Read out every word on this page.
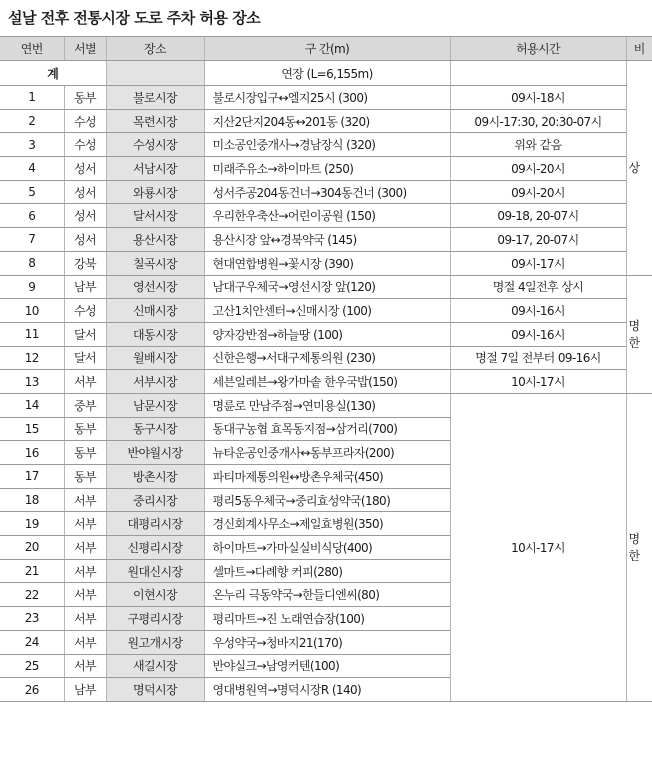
설날 전후 전통시장 도로 주차 허용 장소
연번	서별	장소	구 간(m)	허용시간	비
계			연장 (L=6,155m)		상
1	동부	불로시장	불로시장입구↔엘지25시 (300)	09시-18시	
2	수성	목련시장	지산2단지204동↔201동 (320)	09시-17:30, 20:30-07시	
3	수성	수성시장	미소공인중개사→경남장식 (320)	위와 같음	
4	성서	서남시장	미래주유소→하이마트 (250)	09시-20시	
5	성서	와룡시장	성서주공204동건너→304동건너 (300)	09시-20시	
6	성서	달서시장	우리한우축산→어린이공원 (150)	09-18, 20-07시	
7	성서	용산시장	용산시장 앞↔경북약국 (145)	09-17, 20-07시	
8	강북	칠곡시장	현대연합병원→꽃시장 (390)	09시-17시	
9	남부	영선시장	남대구우체국→영선시장 앞(120)	명절 4일전후 상시	명
한

10	수성	신매시장	고산1치안센터→신매시장 (100)	09시-16시	
11	달서	대동시장	양자강반점→하늘땅 (100)	09시-16시	
12	달서	월배시장	신한은행→서대구제통의원 (230)	명절 7일 전부터 09-16시	
13	서부	서부시장	세븐일레븐→왕가마솥 한우국밥(150)	10시-17시	
14	중부	남문시장	명륜로 만남주점→연미용실(130)	10시-17시	명
한

15	동부	동구시장	동대구농협 효목동지점→삼거리(700)		
16	동부	반야월시장	뉴타운공인중개사↔동부프라자(200)		
17	동부	방촌시장	파티마제통의원↔방촌우체국(450)		
18	서부	중리시장	평리5동우체국→중리효성약국(180)		
19	서부	대평리시장	경신회계사무소→제일효병원(350)		
20	서부	신평리시장	하이마트→가마실실비식당(400)		
21	서부	원대신시장	셀마트→다례향 커피(280)		
22	서부	이현시장	온누리 극동약국→한들디엔씨(80)		
23	서부	구평리시장	평리마트→진 노래연습장(100)		
24	서부	원고개시장	우성약국→청바지21(170)		
25	서부	새길시장	반야실크→남영커텐(100)		
26	남부	명덕시장	영대병원역→명덕시장R (140)		
